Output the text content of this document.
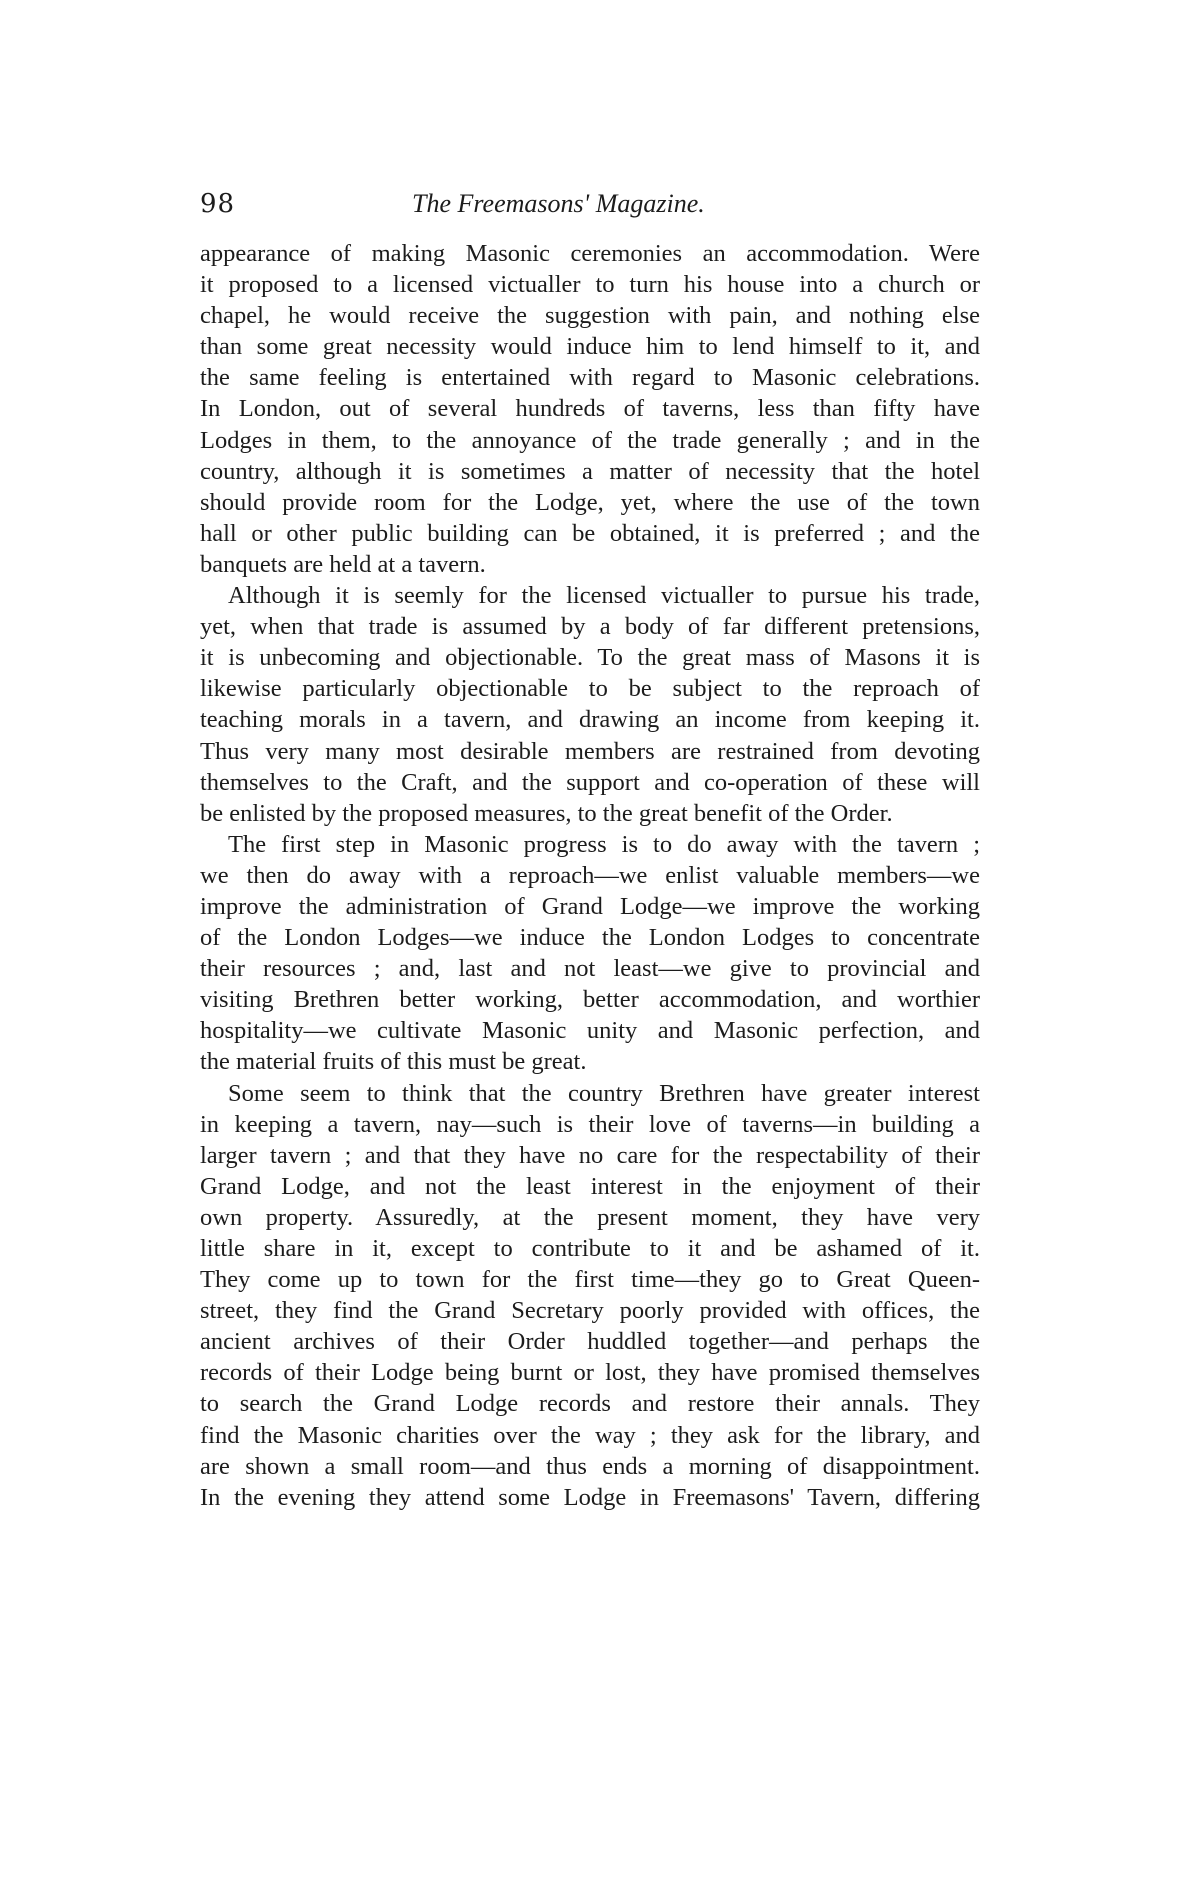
98	The Freemasons' Magazine.
appearance of making Masonic ceremonies an accommodation. Were
it proposed to a licensed victualler to turn his house into a church or
chapel, he would receive the suggestion with pain, and nothing else
than some great necessity would induce him to lend himself to it, and
the same feeling is entertained with regard to Masonic celebrations.
In London, out of several hundreds of taverns, less than fifty have
Lodges in them, to the annoyance of the trade generally ; and in the
country, although it is sometimes a matter of necessity that the hotel
should provide room for the Lodge, yet, where the use of the town
hall or other public building can be obtained, it is preferred ; and the
banquets are held at a tavern.
Although it is seemly for the licensed victualler to pursue his trade,
yet, when that trade is assumed by a body of far different pretensions,
it is unbecoming and objectionable. To the great mass of Masons it is
likewise particularly objectionable to be subject to the reproach of
teaching morals in a tavern, and drawing an income from keeping it.
Thus very many most desirable members are restrained from devoting
themselves to the Craft, and the support and co-operation of these will
be enlisted by the proposed measures, to the great benefit of the Order.
The first step in Masonic progress is to do away with the tavern ;
we then do away with a reproach—we enlist valuable members—we
improve the administration of Grand Lodge—we improve the working
of the London Lodges—we induce the London Lodges to concentrate
their resources ; and, last and not least—we give to provincial and
visiting Brethren better working, better accommodation, and worthier
hospitality—we cultivate Masonic unity and Masonic perfection, and
the material fruits of this must be great.
Some seem to think that the country Brethren have greater interest
in keeping a tavern, nay—such is their love of taverns—in building a
larger tavern ; and that they have no care for the respectability of their
Grand Lodge, and not the least interest in the enjoyment of their
own property. Assuredly, at the present moment, they have very
little share in it, except to contribute to it and be ashamed of it.
They come up to town for the first time—they go to Great Queen-
street, they find the Grand Secretary poorly provided with offices, the
ancient archives of their Order huddled together—and perhaps the
records of their Lodge being burnt or lost, they have promised themselves
to search the Grand Lodge records and restore their annals. They
find the Masonic charities over the way ; they ask for the library, and
are shown a small room—and thus ends a morning of disappointment.
In the evening they attend some Lodge in Freemasons' Tavern, differing
